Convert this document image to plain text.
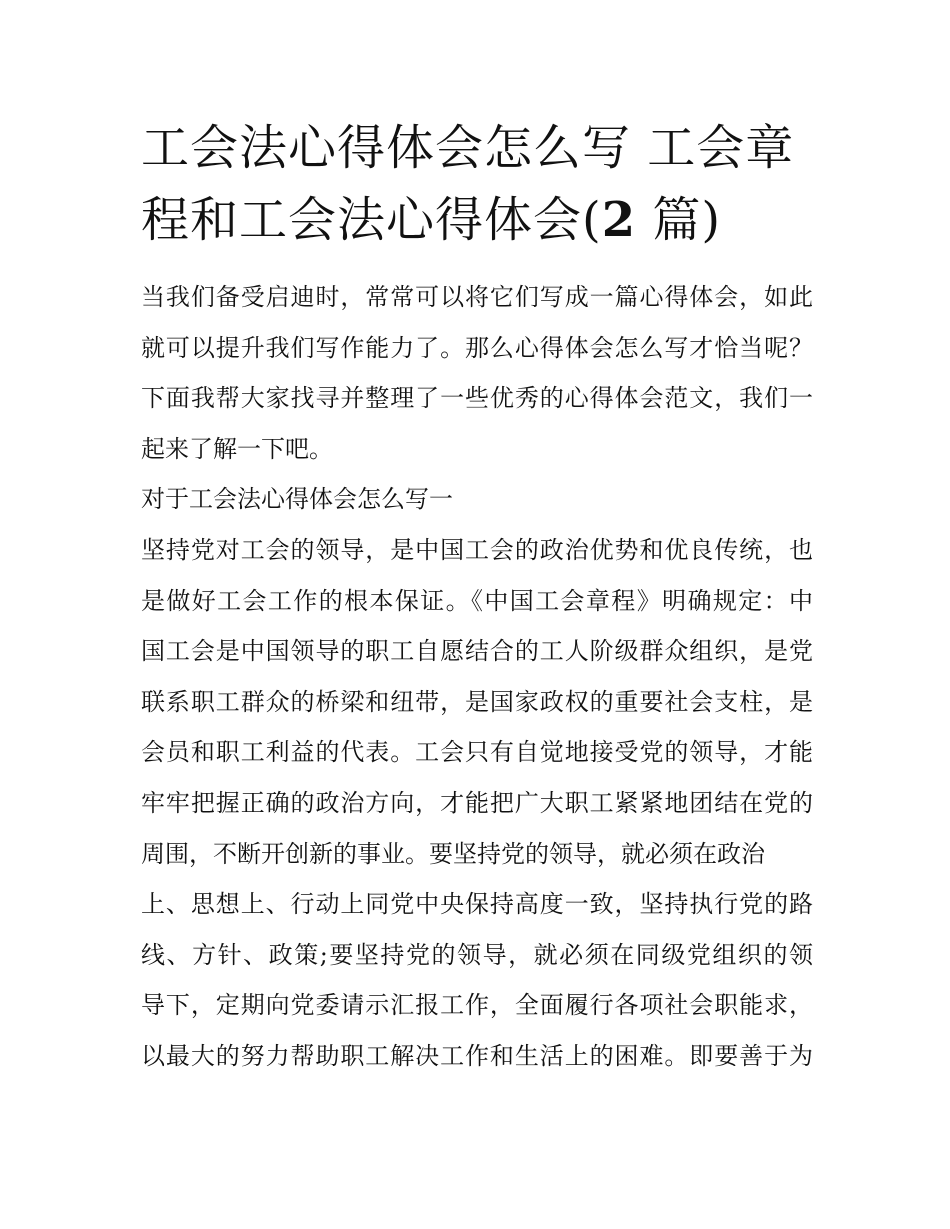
工会法心得体会怎么写 工会章
程和工会法心得体会(2 篇)
当我们备受启迪时，常常可以将它们写成一篇心得体会，如此
就可以提升我们写作能力了。那么心得体会怎么写才恰当呢？
下面我帮大家找寻并整理了一些优秀的心得体会范文，我们一
起来了解一下吧。
对于工会法心得体会怎么写一
坚持党对工会的领导，是中国工会的政治优势和优良传统，也
是做好工会工作的根本保证。《中国工会章程》明确规定：中
国工会是中国领导的职工自愿结合的工人阶级群众组织，是党
联系职工群众的桥梁和纽带，是国家政权的重要社会支柱，是
会员和职工利益的代表。工会只有自觉地接受党的领导，才能
牢牢把握正确的政治方向，才能把广大职工紧紧地团结在党的
周围，不断开创新的事业。要坚持党的领导，就必须在政治
上、思想上、行动上同党中央保持高度一致，坚持执行党的路
线、方针、政策;要坚持党的领导，就必须在同级党组织的领
导下，定期向党委请示汇报工作，全面履行各项社会职能求，
以最大的努力帮助职工解决工作和生活上的困难。即要善于为
